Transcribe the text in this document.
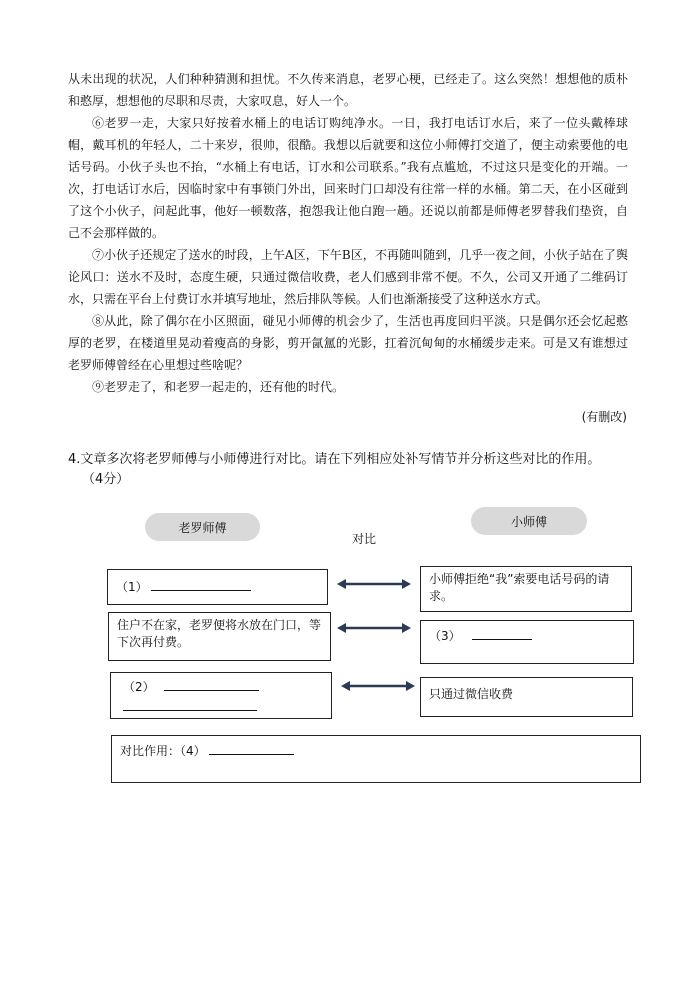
从未出现的状况，人们种种猜测和担忧。不久传来消息，老罗心梗，已经走了。这么突然！想想他的质朴和憨厚，想想他的尽职和尽责，大家叹息，好人一个。

⑥老罗一走，大家只好按着水桶上的电话订购纯净水。一日，我打电话订水后，来了一位头戴棒球帽，戴耳机的年轻人，二十来岁，很帅，很酷。我想以后就要和这位小师傅打交道了，便主动索要他的电话号码。小伙子头也不抬，“水桶上有电话，订水和公司联系。”我有点尴尬，不过这只是变化的开端。一次，打电话订水后，因临时家中有事锁门外出，回来时门口却没有往常一样的水桶。第二天，在小区碰到了这个小伙子，问起此事，他好一顿数落，抱怨我让他白跑一趟。还说以前都是师傅老罗替我们垫资，自己不会那样做的。

⑦小伙子还规定了送水的时段，上午A区，下午B区，不再随叫随到，几乎一夜之间，小伙子站在了舆论风口：送水不及时，态度生硬，只通过微信收费，老人们感到非常不便。不久，公司又开通了二维码订水，只需在平台上付费订水并填写地址，然后排队等候。人们也渐渐接受了这种送水方式。

⑧从此，除了偶尔在小区照面，碰见小师傅的机会少了，生活也再度回归平淡。只是偶尔还会忆起憨厚的老罗，在楼道里晃动着瘦高的身影，剪开氤氲的光影，扛着沉甸甸的水桶缓步走来。可是又有谁想过老罗师傅曾经在心里想过些啥呢？

⑨老罗走了，和老罗一起走的，还有他的时代。

(有删改)
4.文章多次将老罗师傅与小师傅进行对比。请在下列相应处补写情节并分析这些对比的作用。
（4分）
老罗师傅	小师傅
对比
（1）
小师傅拒绝“我”索要电话号码的请求。
住户不在家，老罗便将水放在门口，等下次再付费。	（3）
（2）	只通过微信收费
对比作用：（4）
